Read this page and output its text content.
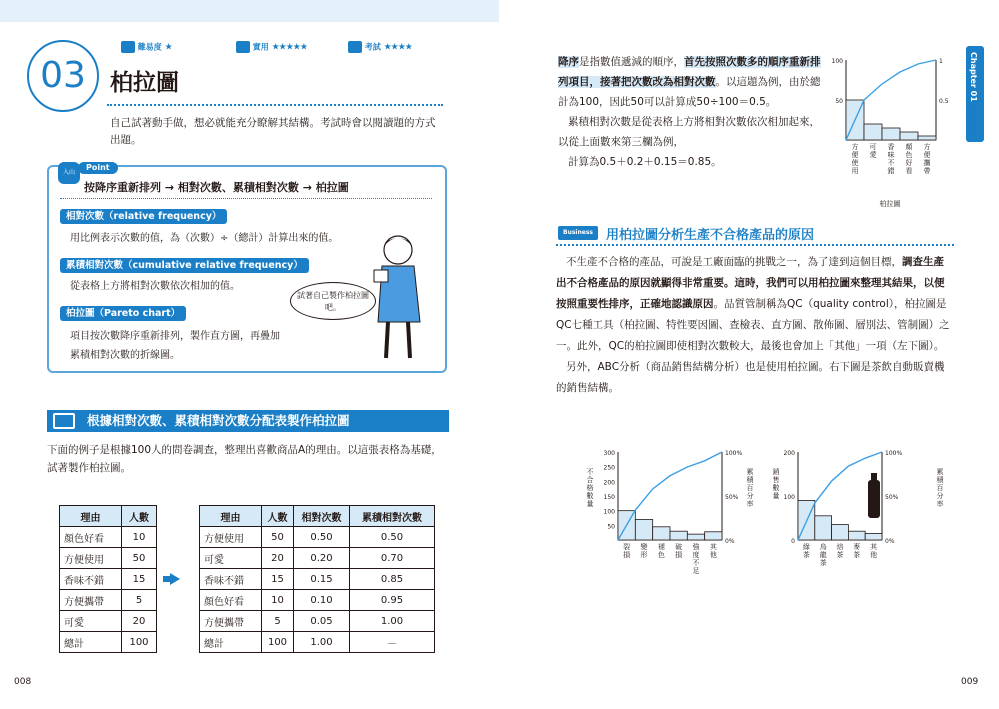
難易度 ★	實用 ★★★★★	考試 ★★★★
03	柏拉圖
自己試著動手做，想必就能充分瞭解其結構。考試時會以閱讀題的方式出題。
入山
Point
按降序重新排列 → 相對次數、累積相對次數 → 柏拉圖
相對次數（relative frequency）
用比例表示次數的值，為（次數）÷（總計）計算出來的值。
累積相對次數（cumulative relative frequency）
從表格上方將相對次數依次相加的值。
柏拉圖（Pareto chart）
項目按次數降序重新排列，製作直方圖，再疊加累積相對次數的折線圖。
試著自己製作柏拉圖吧。
根據相對次數、累積相對次數分配表製作柏拉圖
下面的例子是根據100人的問卷調查，整理出喜歡商品A的理由。以這張表格為基礎，試著製作柏拉圖。
理由	人數
顏色好看	10
方便使用	50
香味不錯	15
方便攜帶	5
可愛	20
總計	100
理由	人數	相對次數	累積相對次數
方便使用	50	0.50	0.50
可愛	20	0.20	0.70
香味不錯	15	0.15	0.85
顏色好看	10	0.10	0.95
方便攜帶	5	0.05	1.00
總計	100	1.00	－
008	009
降序是指數值遞減的順序，首先按照次數多的順序重新排列項目，接著把次數改為相對次數。以這題為例，由於總計為100，因此50可以計算成50÷100＝0.5。
累積相對次數是從表格上方將相對次數依次相加起來，以從上面數來第三欄為例，
計算為0.5＋0.2＋0.15＝0.85。
50
100
0.5
1
方
便
使
用
可
愛
香
味
不
錯
顏
色
好
看
方
便
攜
帶
柏拉圖
Business	用柏拉圖分析生產不合格產品的原因
不生產不合格的產品，可說是工廠面臨的挑戰之一，為了達到這個目標，調查生產出不合格產品的原因就顯得非常重要。這時，我們可以用柏拉圖來整理其結果，以便按照重要性排序，正確地認識原因。品質管制稱為QC（quality control），柏拉圖是QC七種工具（柏拉圖、特性要因圖、查檢表、直方圖、散佈圖、層別法、管制圖）之一。此外，QC的柏拉圖即使相對次數較大，最後也會加上「其他」一項（左下圖）。
另外，ABC分析（商品銷售結構分析）也是使用柏拉圖。右下圖是茶飲自動販賣機的銷售結構。
50
100
150
200
250
300
0%
50%
100%
裂
損
變
形
褪
色
破
損
強
度
不
足
其
他
不
合
格
數
量
累
積
百
分
率
0
100
200
0%
50%
100%
綠
茶
烏
龍
茶
焙
茶
麥
茶
其
他
銷
售
數
量
累
積
百
分
率
Chapter 01
敘述統計
